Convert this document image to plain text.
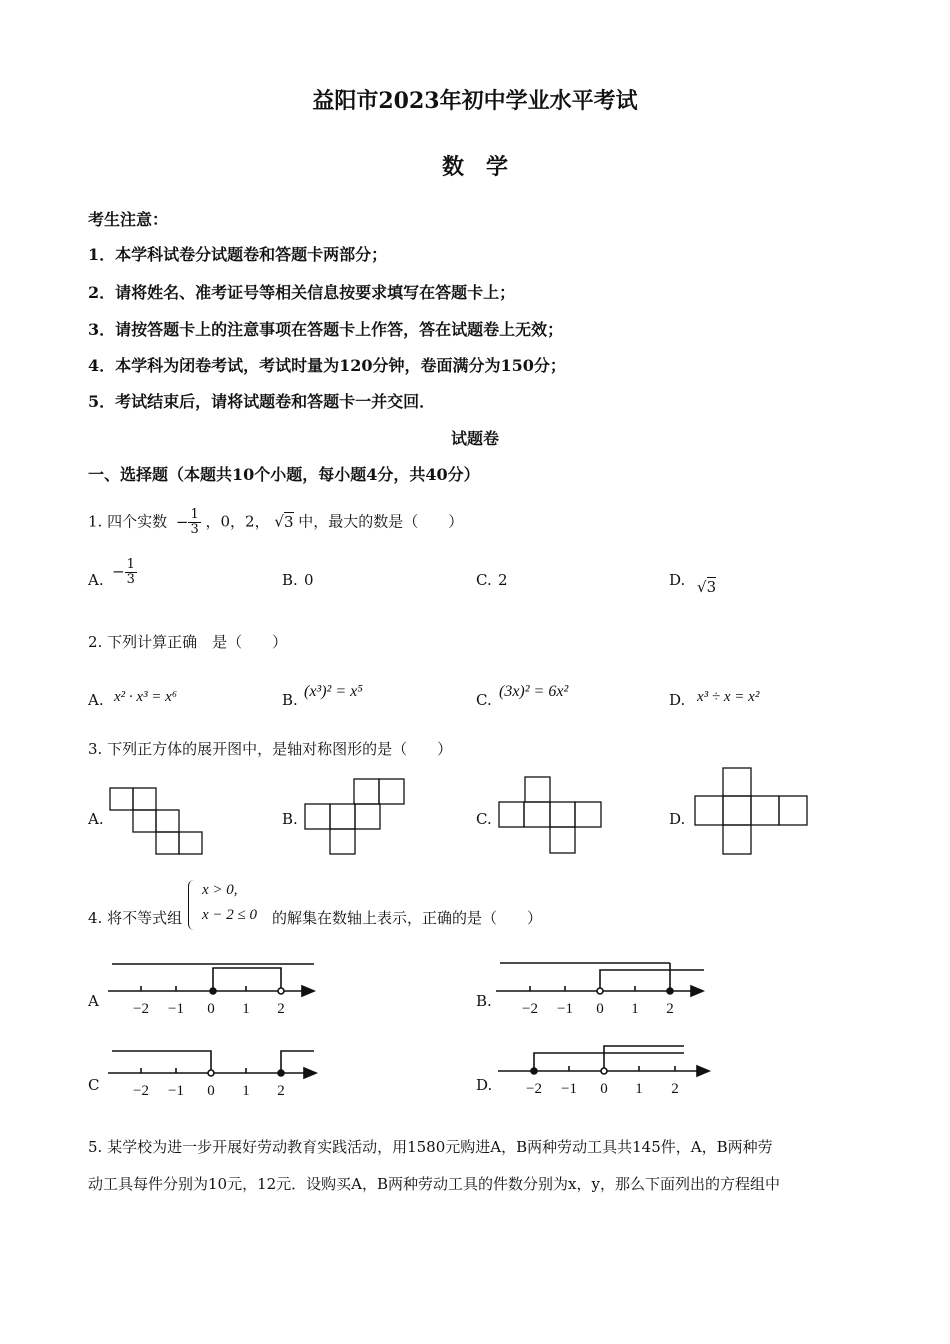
益阳市2023年初中学业水平考试
数　学
考生注意：
1．本学科试卷分试题卷和答题卡两部分；
2．请将姓名、准考证号等相关信息按要求填写在答题卡上；
3．请按答题卡上的注意事项在答题卡上作答，答在试题卷上无效；
4．本学科为闭卷考试，考试时量为120分钟，卷面满分为150分；
5．考试结束后，请将试题卷和答题卡一并交回．
试题卷
一、选择题（本题共10个小题，每小题4分，共40分）
1. 四个实数 − $\frac{1}{3}$ ，0，2， √3 中，最大的数是（　　）
A. − $\frac{1}{3}$	B. 0	C. 2	D. √3
2. 下列计算正确　是（　　）
A. x² · x³ = x⁶	B. (x³)² = x⁵	C. (3x)² = 6x²	D. x³ ÷ x = x²
3. 下列正方体的展开图中，是轴对称图形的是（　　）
A.	B.	C.	D.
4. 将不等式组
x > 0,
x − 2 ≤ 0 的解集在数轴上表示，正确的是（　　）
A	B.
C	D.
−2 −1 0 1 2	−2 −1 0 1 2
−2 −1 0 1 2	−2 −1 0 1 2
5. 某学校为进一步开展好劳动教育实践活动，用1580元购进A，B两种劳动工具共145件，A，B两种劳
动工具每件分别为10元，12元．设购买A，B两种劳动工具的件数分别为x，y，那么下面列出的方程组中
